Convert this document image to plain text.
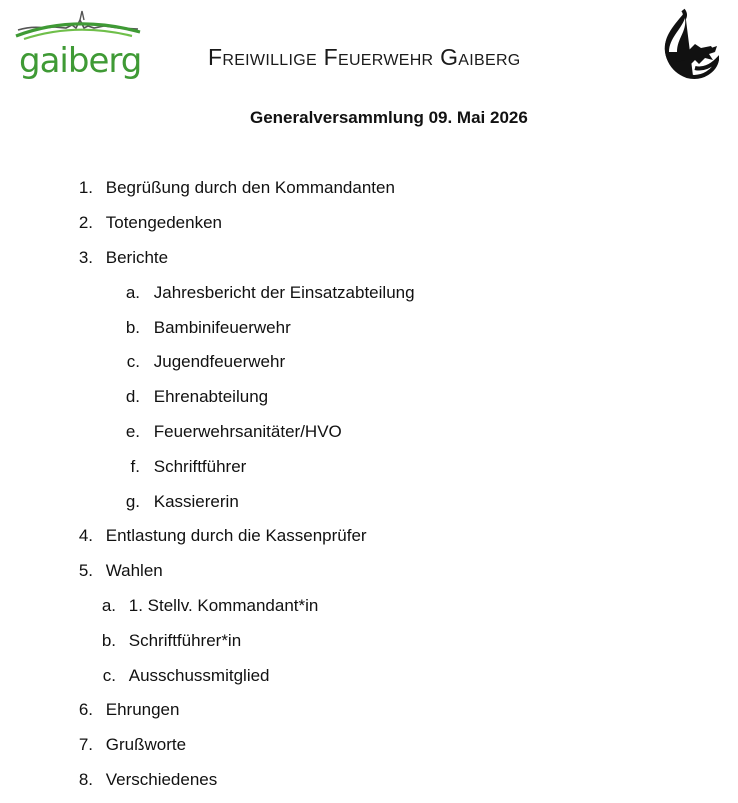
gaiberg	Freiwillige Feuerwehr Gaiberg
Generalversammlung 09. Mai 2026
1. Begrüßung durch den Kommandanten
2. Totengedenken
3. Berichte
a. Jahresbericht der Einsatzabteilung
b. Bambinifeuerwehr
c. Jugendfeuerwehr
d. Ehrenabteilung
e. Feuerwehrsanitäter/HVO
f. Schriftführer
g. Kassiererin
4. Entlastung durch die Kassenprüfer
5. Wahlen
a. 1. Stellv. Kommandant*in
b. Schriftführer*in
c. Ausschussmitglied
6. Ehrungen
7. Grußworte
8. Verschiedenes
